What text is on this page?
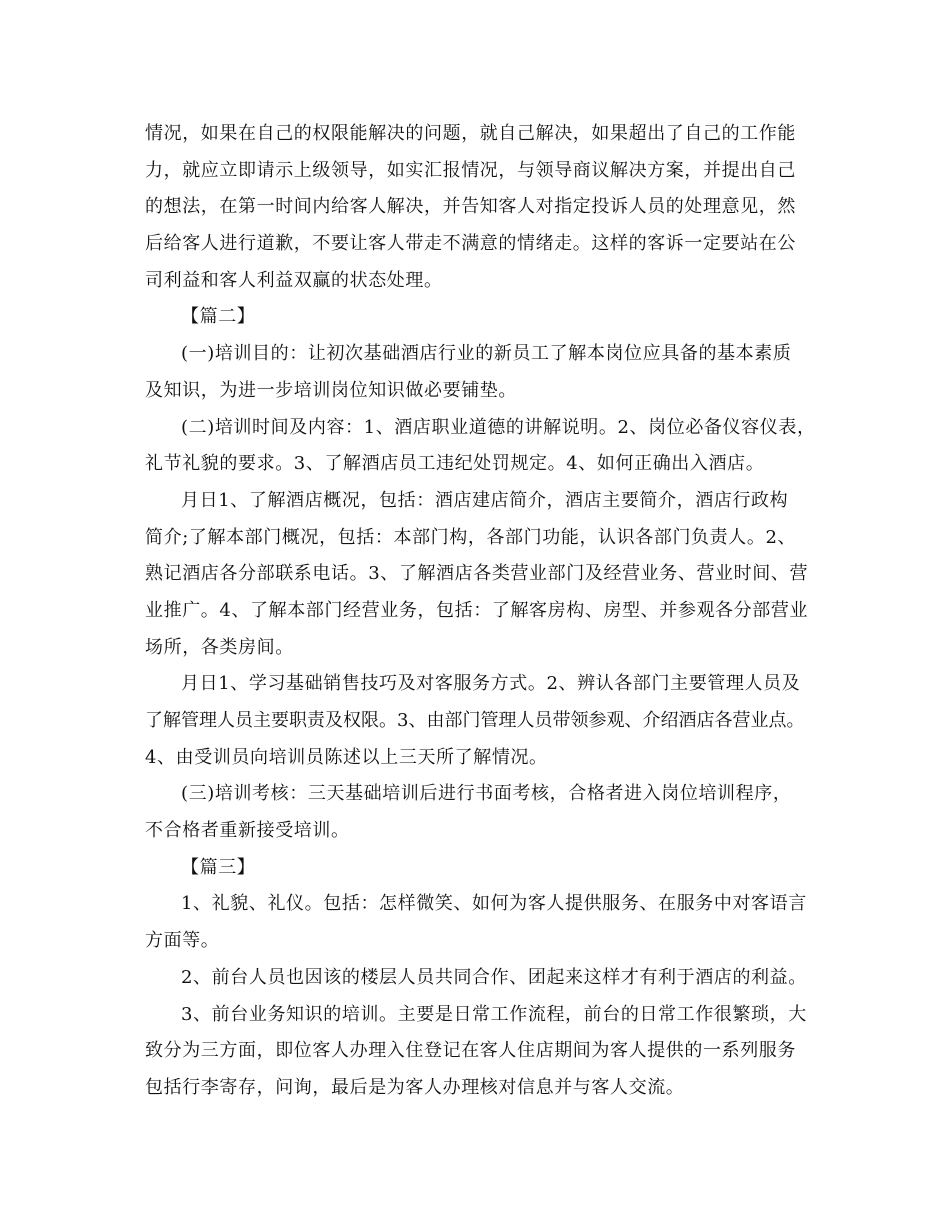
情况，如果在自己的权限能解决的问题，就自己解决，如果超出了自己的工作能
力，就应立即请示上级领导，如实汇报情况，与领导商议解决方案，并提出自己
的想法，在第一时间内给客人解决，并告知客人对指定投诉人员的处理意见，然
后给客人进行道歉，不要让客人带走不满意的情绪走。这样的客诉一定要站在公
司利益和客人利益双赢的状态处理。
【篇二】
(一)培训目的：让初次基础酒店行业的新员工了解本岗位应具备的基本素质
及知识，为进一步培训岗位知识做必要铺垫。
(二)培训时间及内容：1、酒店职业道德的讲解说明。2、岗位必备仪容仪表，
礼节礼貌的要求。3、了解酒店员工违纪处罚规定。4、如何正确出入酒店。
月日1、了解酒店概况，包括：酒店建店简介，酒店主要简介，酒店行政构
简介;了解本部门概况，包括：本部门构，各部门功能，认识各部门负责人。2、
熟记酒店各分部联系电话。3、了解酒店各类营业部门及经营业务、营业时间、营
业推广。4、了解本部门经营业务，包括：了解客房构、房型、并参观各分部营业
场所，各类房间。
月日1、学习基础销售技巧及对客服务方式。2、辨认各部门主要管理人员及
了解管理人员主要职责及权限。3、由部门管理人员带领参观、介绍酒店各营业点。
4、由受训员向培训员陈述以上三天所了解情况。
(三)培训考核：三天基础培训后进行书面考核，合格者进入岗位培训程序，
不合格者重新接受培训。
【篇三】
1、礼貌、礼仪。包括：怎样微笑、如何为客人提供服务、在服务中对客语言
方面等。
2、前台人员也因该的楼层人员共同合作、团起来这样才有利于酒店的利益。
3、前台业务知识的培训。主要是日常工作流程，前台的日常工作很繁琐，大
致分为三方面，即位客人办理入住登记在客人住店期间为客人提供的一系列服务
包括行李寄存，问询，最后是为客人办理核对信息并与客人交流。
